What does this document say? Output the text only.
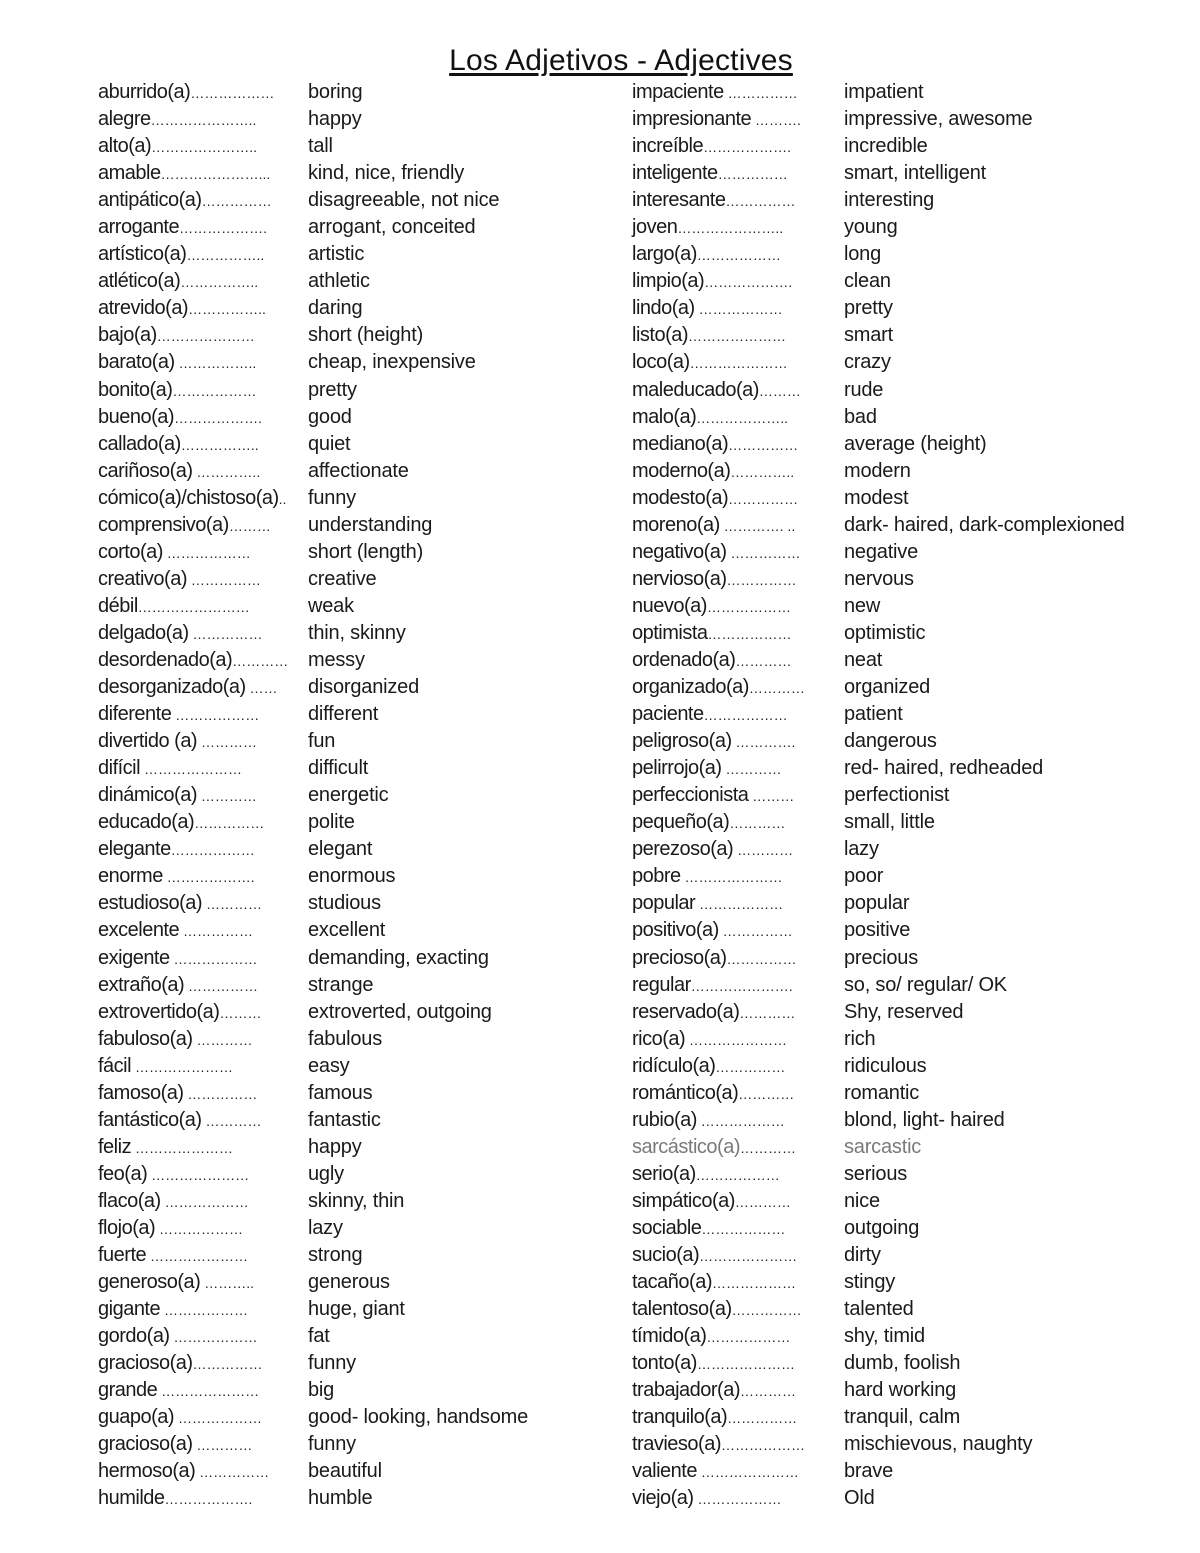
Los Adjetivos - Adjectives
aburrido(a)……………… boring
alegre…………………..	happy
alto(a)…………………..	tall
amable…………………... kind, nice, friendly
antipático(a)…………… disagreeable, not nice
arrogante………………. arrogant, conceited
artístico(a)…………….. artistic
atlético(a)…………….. athletic
atrevido(a)…………….. daring
bajo(a)…………………	short (height)
barato(a) ……………..	cheap, inexpensive
bonito(a)………………	pretty
bueno(a)………………. good
callado(a)…………….. quiet
cariñoso(a) ………….. affectionate
cómico(a)/chistoso(a).. funny
comprensivo(a)……… understanding
corto(a) ………………	short (length)
creativo(a) …………… creative
débil……………………	weak
delgado(a) …………… thin, skinny
desordenado(a)………… messy
desorganizado(a) …… disorganized
diferente ……………… different
divertido (a) …………	fun
difícil …………………	difficult
dinámico(a) …………	energetic
educado(a)…………… polite
elegante………………	elegant
enorme ……………….	enormous
estudioso(a) ………… studious
excelente ……………	excellent
exigente ………………	demanding, exacting
extraño(a) …………… strange
extrovertido(a)……… extroverted, outgoing
fabuloso(a) …………	fabulous
fácil …………………	easy
famoso(a) ……………	famous
fantástico(a) ………… fantastic
feliz …………………	happy
feo(a) …………………	ugly
flaco(a) ………………	skinny, thin
flojo(a) ………………	lazy
fuerte …………………	strong
generoso(a) ………..	generous
gigante ………………	huge, giant
gordo(a) ………………	fat
gracioso(a)…………… funny
grande ………………… big
guapo(a) ……………… good- looking, handsome
gracioso(a) …………	funny
hermoso(a) …………… beautiful
humilde……………….	humble
impaciente …………… impatient
impresionante ………. impressive, awesome
increíble……………….	incredible
inteligente……………	smart, intelligent
interesante…………… interesting
joven…………………..	young
largo(a)………………	long
limpio(a)……………….	clean
lindo(a) ………………	pretty
listo(a)…………………	smart
loco(a)…………………	crazy
maleducado(a)……… rude
malo(a)………………..	bad
mediano(a)…………… average (height)
moderno(a)………….. modern
modesto(a)…………… modest
moreno(a) …………. .. dark- haired, dark-complexioned
negativo(a) …………… negative
nervioso(a)…………… nervous
nuevo(a)………………	new
optimista………………	optimistic
ordenado(a)…………	neat
organizado(a)………… organized
paciente………………	patient
peligroso(a) …………. dangerous
pelirrojo(a) …………	red- haired, redheaded
perfeccionista ……… perfectionist
pequeño(a)…………	small, little
perezoso(a) …………	lazy
pobre …………………	poor
popular ………………	popular
positivo(a) ……………	positive
precioso(a)…………… precious
regular………………….	so, so/ regular/ OK
reservado(a)………… Shy, reserved
rico(a) …………………	rich
ridículo(a)……………	ridiculous
romántico(a)………… romantic
rubio(a) ………………	blond, light- haired
sarcástico(a)………… sarcastic
serio(a)………………	serious
simpático(a)…………	nice
sociable………………	outgoing
sucio(a)………………… dirty
tacaño(a)……………… stingy
talentoso(a)…………… talented
tímido(a)………………	shy, timid
tonto(a)………………… dumb, foolish
trabajador(a)………… hard working
tranquilo(a)…………… tranquil, calm
travieso(a)……………… mischievous, naughty
valiente ………………… brave
viejo(a) ………………	Old
